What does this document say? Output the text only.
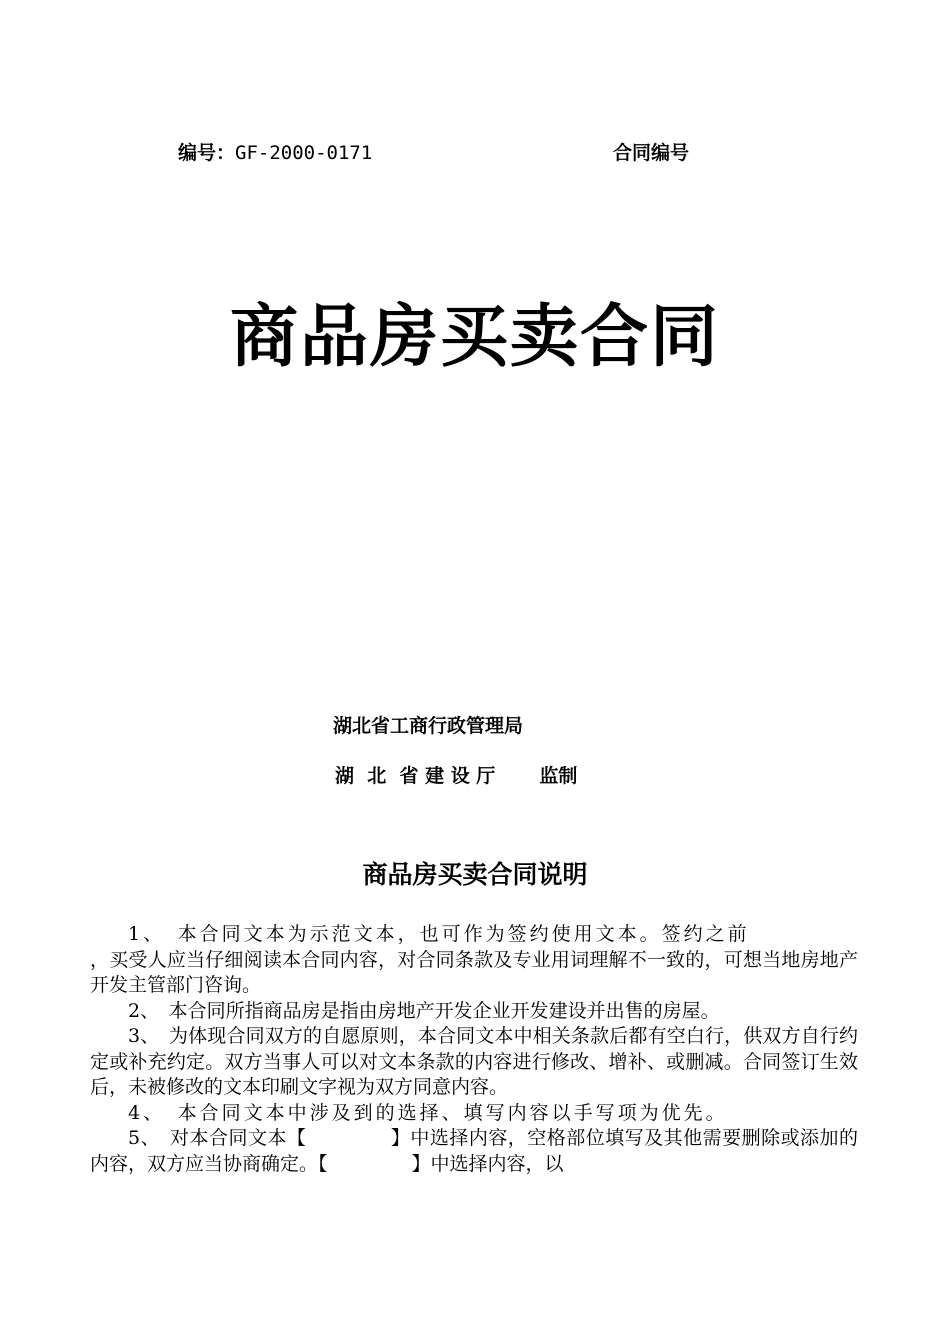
编号：GF-2000-0171	合同编号
商品房买卖合同
湖北省工商行政管理局
湖  北  省 建 设 厅 监制
商品房买卖合同说明

1、　本合同文本为示范文本，也可作为签约使用文本。签约之前

，买受人应当仔细阅读本合同内容，对合同条款及专业用词理解不一致的，可想当地房地产开发主管部门咨询。

2、　本合同所指商品房是指由房地产开发企业开发建设并出售的房屋。

3、　为体现合同双方的自愿原则，本合同文本中相关条款后都有空白行，供双方自行约定或补充约定。双方当事人可以对文本条款的内容进行修改、增补、或删减。合同签订生效后，未被修改的文本印刷文字视为双方同意内容。

4、　本合同文本中涉及到的选择、填写内容以手写项为优先。

5、　对本合同文本【	】中选择内容，空格部位填写及其他需要删除或添加的内容，双方应当协商确定。【	】中选择内容，以
